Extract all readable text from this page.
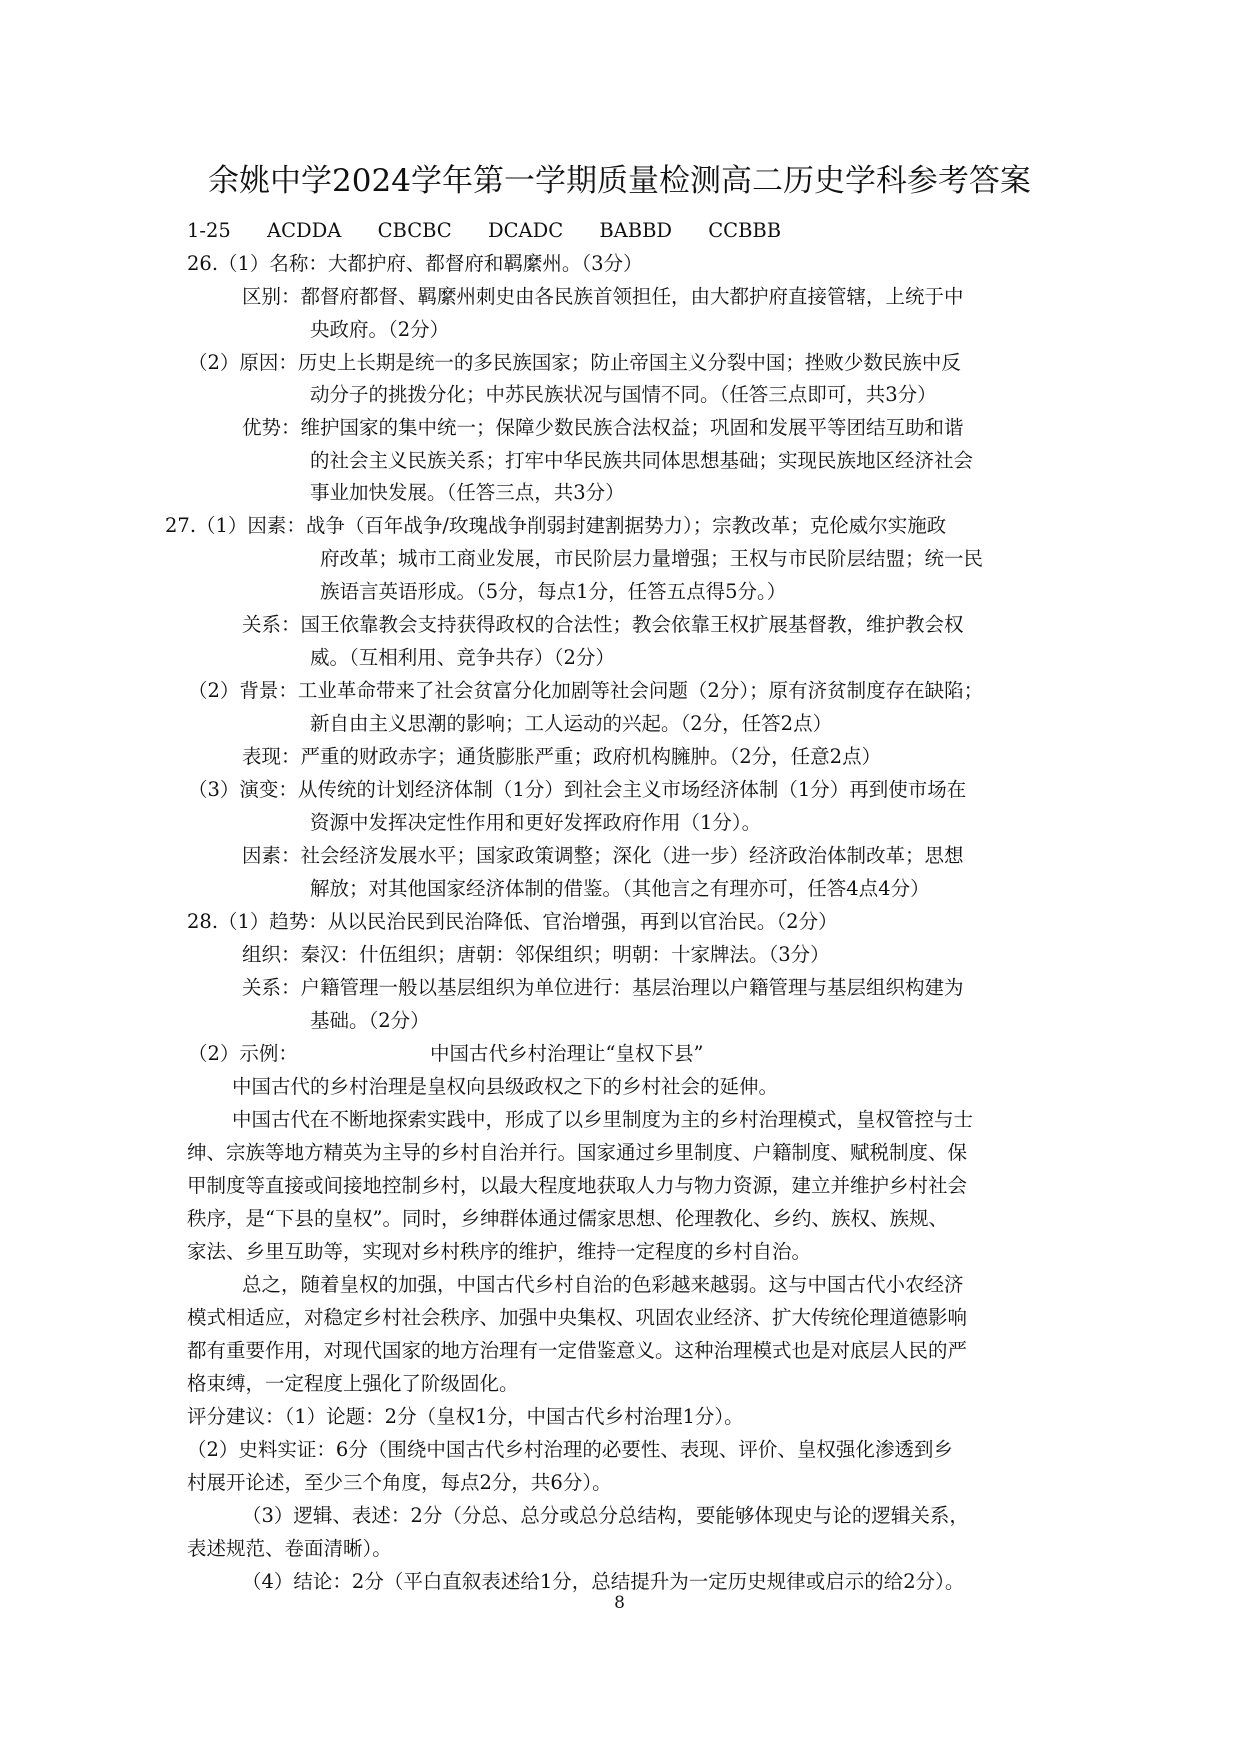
余姚中学2024学年第一学期质量检测高二历史学科参考答案
1-25 ACDDA CBCBC DCADC BABBD CCBBB
26.（1）名称：大都护府、都督府和羁縻州。（3分）
区别：都督府都督、羁縻州刺史由各民族首领担任，由大都护府直接管辖，上统于中
央政府。（2分）
（2）原因：历史上长期是统一的多民族国家；防止帝国主义分裂中国；挫败少数民族中反
动分子的挑拨分化；中苏民族状况与国情不同。（任答三点即可，共3分）
优势：维护国家的集中统一；保障少数民族合法权益；巩固和发展平等团结互助和谐
的社会主义民族关系；打牢中华民族共同体思想基础；实现民族地区经济社会
事业加快发展。（任答三点，共3分）
27.（1）因素：战争（百年战争/玫瑰战争削弱封建割据势力）；宗教改革；克伦威尔实施政
府改革；城市工商业发展，市民阶层力量增强；王权与市民阶层结盟；统一民
族语言英语形成。（5分，每点1分，任答五点得5分。）
关系：国王依靠教会支持获得政权的合法性；教会依靠王权扩展基督教，维护教会权
威。（互相利用、竞争共存）（2分）
（2）背景：工业革命带来了社会贫富分化加剧等社会问题（2分）；原有济贫制度存在缺陷；
新自由主义思潮的影响；工人运动的兴起。（2分，任答2点）
表现：严重的财政赤字；通货膨胀严重；政府机构臃肿。（2分，任意2点）
（3）演变：从传统的计划经济体制（1分）到社会主义市场经济体制（1分）再到使市场在
资源中发挥决定性作用和更好发挥政府作用（1分）。
因素：社会经济发展水平；国家政策调整；深化（进一步）经济政治体制改革；思想
解放；对其他国家经济体制的借鉴。（其他言之有理亦可，任答4点4分）
28.（1）趋势：从以民治民到民治降低、官治增强，再到以官治民。（2分）
组织：秦汉：什伍组织；唐朝：邻保组织；明朝：十家牌法。（3分）
关系：户籍管理一般以基层组织为单位进行：基层治理以户籍管理与基层组织构建为
基础。（2分）
（2）示例：	中国古代乡村治理让“皇权下县”
中国古代的乡村治理是皇权向县级政权之下的乡村社会的延伸。
中国古代在不断地探索实践中，形成了以乡里制度为主的乡村治理模式，皇权管控与士
绅、宗族等地方精英为主导的乡村自治并行。国家通过乡里制度、户籍制度、赋税制度、保
甲制度等直接或间接地控制乡村，以最大程度地获取人力与物力资源，建立并维护乡村社会
秩序，是“下县的皇权”。同时，乡绅群体通过儒家思想、伦理教化、乡约、族权、族规、
家法、乡里互助等，实现对乡村秩序的维护，维持一定程度的乡村自治。
总之，随着皇权的加强，中国古代乡村自治的色彩越来越弱。这与中国古代小农经济
模式相适应，对稳定乡村社会秩序、加强中央集权、巩固农业经济、扩大传统伦理道德影响
都有重要作用，对现代国家的地方治理有一定借鉴意义。这种治理模式也是对底层人民的严
格束缚，一定程度上强化了阶级固化。
评分建议：（1）论题：2分（皇权1分，中国古代乡村治理1分）。
（2）史料实证：6分（围绕中国古代乡村治理的必要性、表现、评价、皇权强化渗透到乡
村展开论述，至少三个角度，每点2分，共6分）。
（3）逻辑、表述：2分（分总、总分或总分总结构，要能够体现史与论的逻辑关系，
表述规范、卷面清晰）。
（4）结论：2分（平白直叙表述给1分，总结提升为一定历史规律或启示的给2分）。
8
